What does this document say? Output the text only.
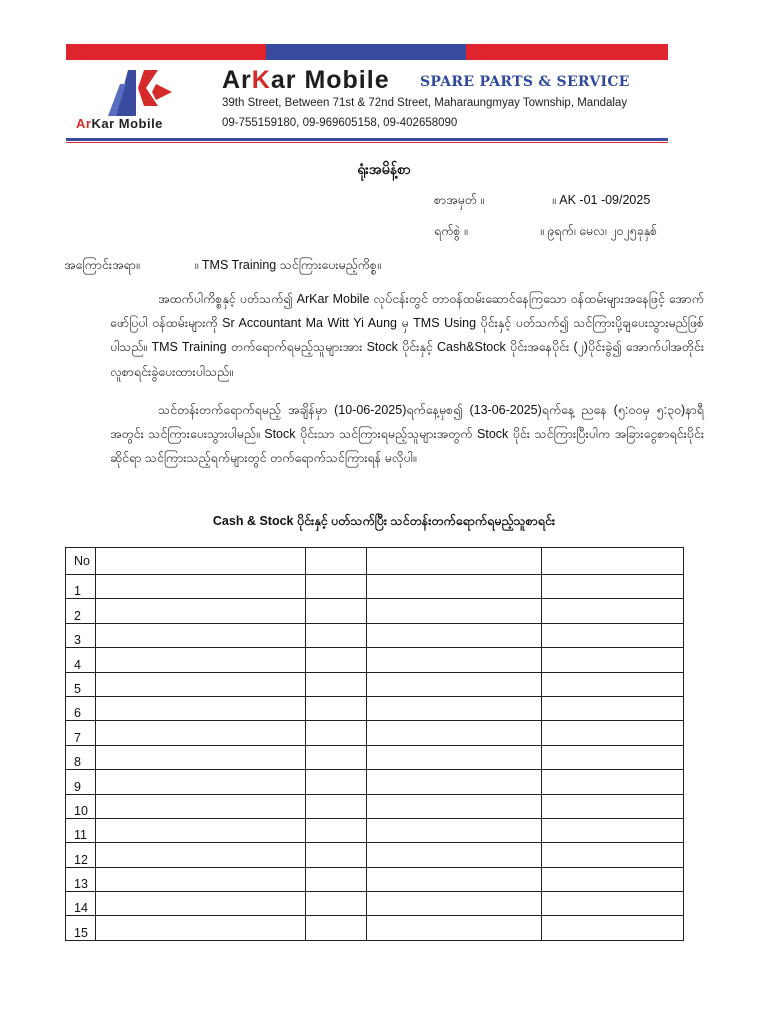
ArKar Mobile
ArKar Mobile SPARE PARTS & SERVICE
39th Street, Between 71st & 72nd Street, Maharaungmyay Township, Mandalay
09-755159180, 09-969605158, 09-402658090
ရုံးအမိန့်စာ
စာအမှတ် ။	။ AK -01 -09/2025
ရက်စွဲ ။	။ ၉ရက်၊ မေလ၊ ၂၀၂၅ခုနှစ်
အကြောင်းအရာ။	။ TMS Training သင်ကြားပေးမည့်ကိစ္စ။
အထက်ပါကိစ္စနှင့် ပတ်သက်၍ ArKar Mobile လုပ်ငန်းတွင် တာဝန်ထမ်းဆောင်နေကြသော ဝန်ထမ်းများအနေဖြင့် အောက်ဖော်ပြပါ ဝန်ထမ်းများကို Sr Accountant Ma Witt Yi Aung မှ TMS Using ပိုင်းနှင့် ပတ်သက်၍ သင်ကြားပို့ချပေးသွားမည်ဖြစ်ပါသည်။ TMS Training တက်ရောက်ရမည့်သူများအား Stock ပိုင်းနှင့် Cash&Stock ပိုင်းအနေပိုင်း (၂)ပိုင်းခွဲ၍ အောက်ပါအတိုင်းလူစာရင်းခွဲပေးထားပါသည်။
သင်တန်းတက်ရောက်ရမည့် အချိန်မှာ (10-06-2025)ရက်နေ့မှစ၍ (13-06-2025)ရက်နေ့ ညနေ (၅:၀၀မှ ၅:၃၀)နာရီအတွင်း သင်ကြားပေးသွားပါမည်။ Stock ပိုင်းသာ သင်ကြားရမည့်သူများအတွက် Stock ပိုင်း သင်ကြားပြီးပါက အခြားငွေစာရင်းပိုင်းဆိုင်ရာ သင်ကြားသည့်ရက်များတွင် တက်ရောက်သင်ကြားရန် မလိုပါ။
Cash & Stock ပိုင်းနှင့် ပတ်သက်ပြီး သင်တန်းတက်ရောက်ရမည့်သူစာရင်း
No				
1				
2				
3				
4				
5				
6				
7				
8				
9				
10				
11				
12				
13				
14				
15				
